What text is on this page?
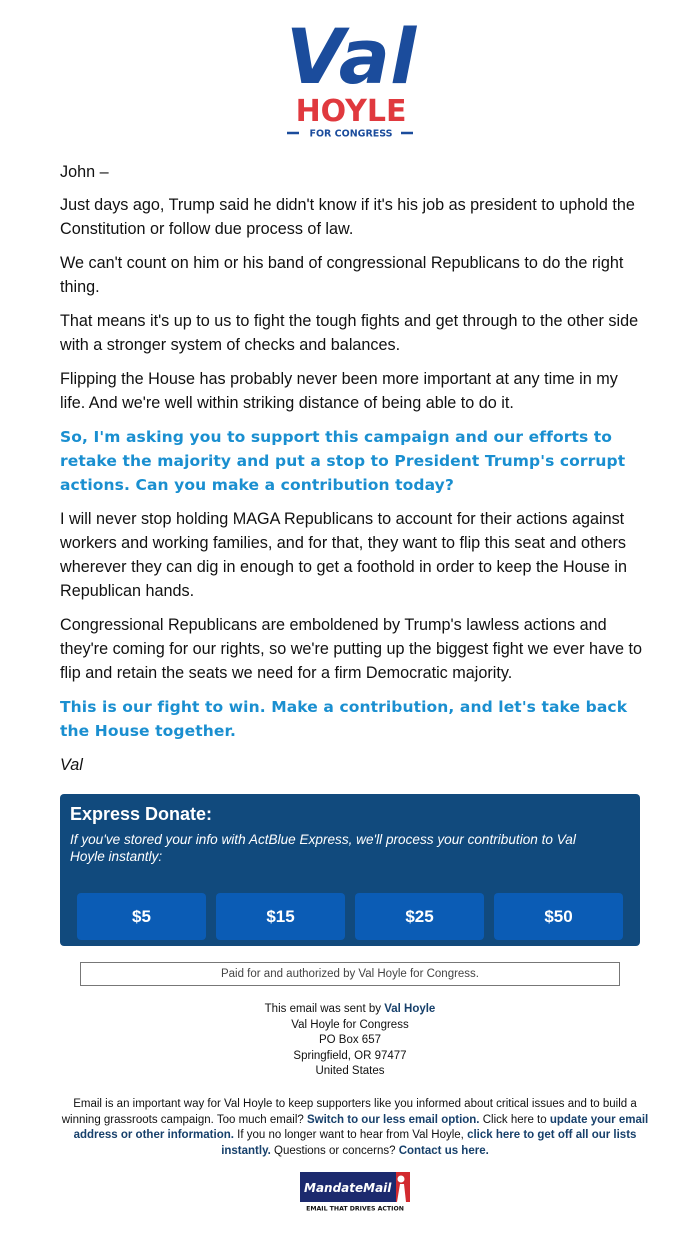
Val
HOYLE
FOR CONGRESS

John –

Just days ago, Trump said he didn't know if it's his job as president to uphold the Constitution or follow due process of law.

We can't count on him or his band of congressional Republicans to do the right thing.

That means it's up to us to fight the tough fights and get through to the other side with a stronger system of checks and balances.

Flipping the House has probably never been more important at any time in my life. And we're well within striking distance of being able to do it.

So, I'm asking you to support this campaign and our efforts to retake the majority and put a stop to President Trump's corrupt actions. Can you make a contribution today?

I will never stop holding MAGA Republicans to account for their actions against workers and working families, and for that, they want to flip this seat and others wherever they can dig in enough to get a foothold in order to keep the House in Republican hands.

Congressional Republicans are emboldened by Trump's lawless actions and they're coming for our rights, so we're putting up the biggest fight we ever have to flip and retain the seats we need for a firm Democratic majority.

This is our fight to win. Make a contribution, and let's take back the House together.

Val

Express Donate:
If you've stored your info with ActBlue Express, we'll process your contribution to Val Hoyle instantly:
$5	$15	$25	$50
Paid for and authorized by Val Hoyle for Congress.
This email was sent by Val Hoyle
Val Hoyle for Congress
PO Box 657
Springfield, OR 97477
United States
Email is an important way for Val Hoyle to keep supporters like you informed about critical issues and to build a winning grassroots campaign. Too much email? Switch to our less email option. Click here to update your email address or other information. If you no longer want to hear from Val Hoyle, click here to get off all our lists instantly. Questions or concerns? Contact us here.
MandateMail
EMAIL THAT DRIVES ACTION
